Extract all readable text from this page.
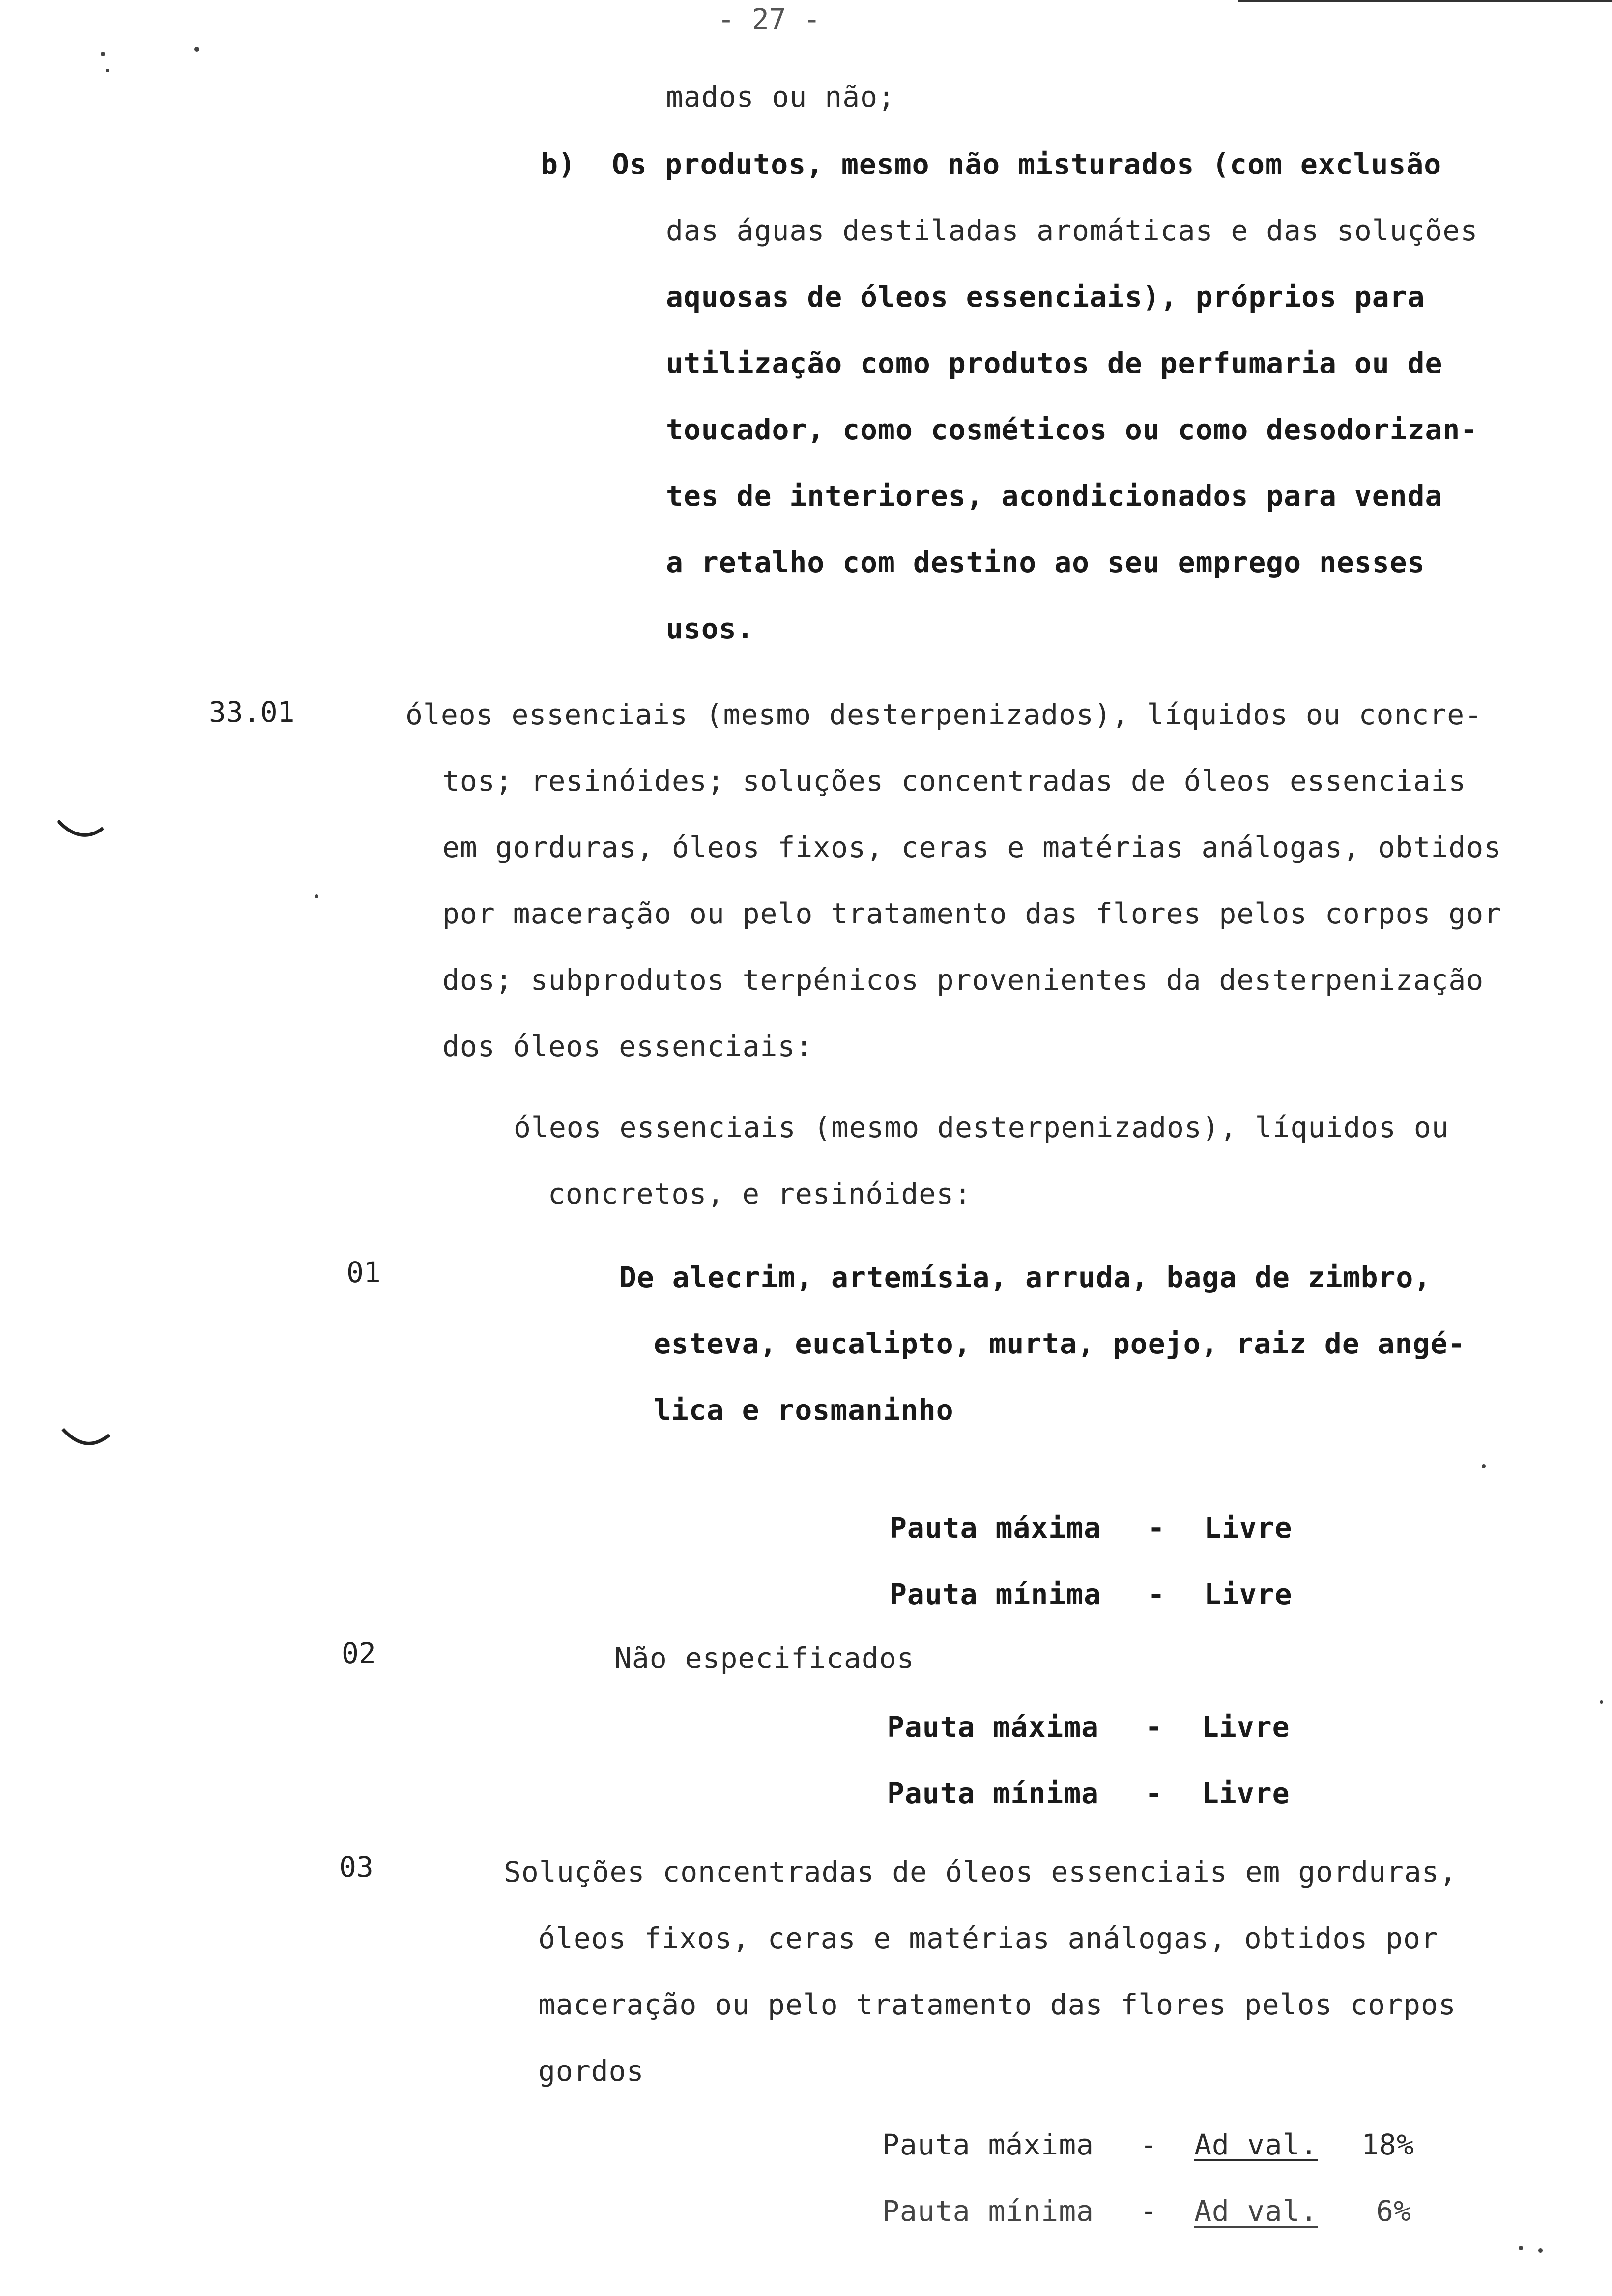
- 27 -
mados ou não;
b) Os produtos, mesmo não misturados (com exclusão
das águas destiladas aromáticas e das soluções
aquosas de óleos essenciais), próprios para
utilização como produtos de perfumaria ou de
toucador, como cosméticos ou como desodorizan-
tes de interiores, acondicionados para venda
a retalho com destino ao seu emprego nesses
usos.
33.01	óleos essenciais (mesmo desterpenizados), líquidos ou concre-
tos; resinóides; soluções concentradas de óleos essenciais
em gorduras, óleos fixos, ceras e matérias análogas, obtidos
por maceração ou pelo tratamento das flores pelos corpos gor
dos; subprodutos terpénicos provenientes da desterpenização
dos óleos essenciais:
óleos essenciais (mesmo desterpenizados), líquidos ou
concretos, e resinóides:
01	De alecrim, artemísia, arruda, baga de zimbro,
esteva, eucalipto, murta, poejo, raiz de angé-
lica e rosmaninho
Pauta máxima - Livre
Pauta mínima - Livre
02	Não especificados
Pauta máxima - Livre
Pauta mínima - Livre
03	Soluções concentradas de óleos essenciais em gorduras,
óleos fixos, ceras e matérias análogas, obtidos por
maceração ou pelo tratamento das flores pelos corpos
gordos
Pauta máxima - Ad val. 18%
Pauta mínima - Ad val. 6%
